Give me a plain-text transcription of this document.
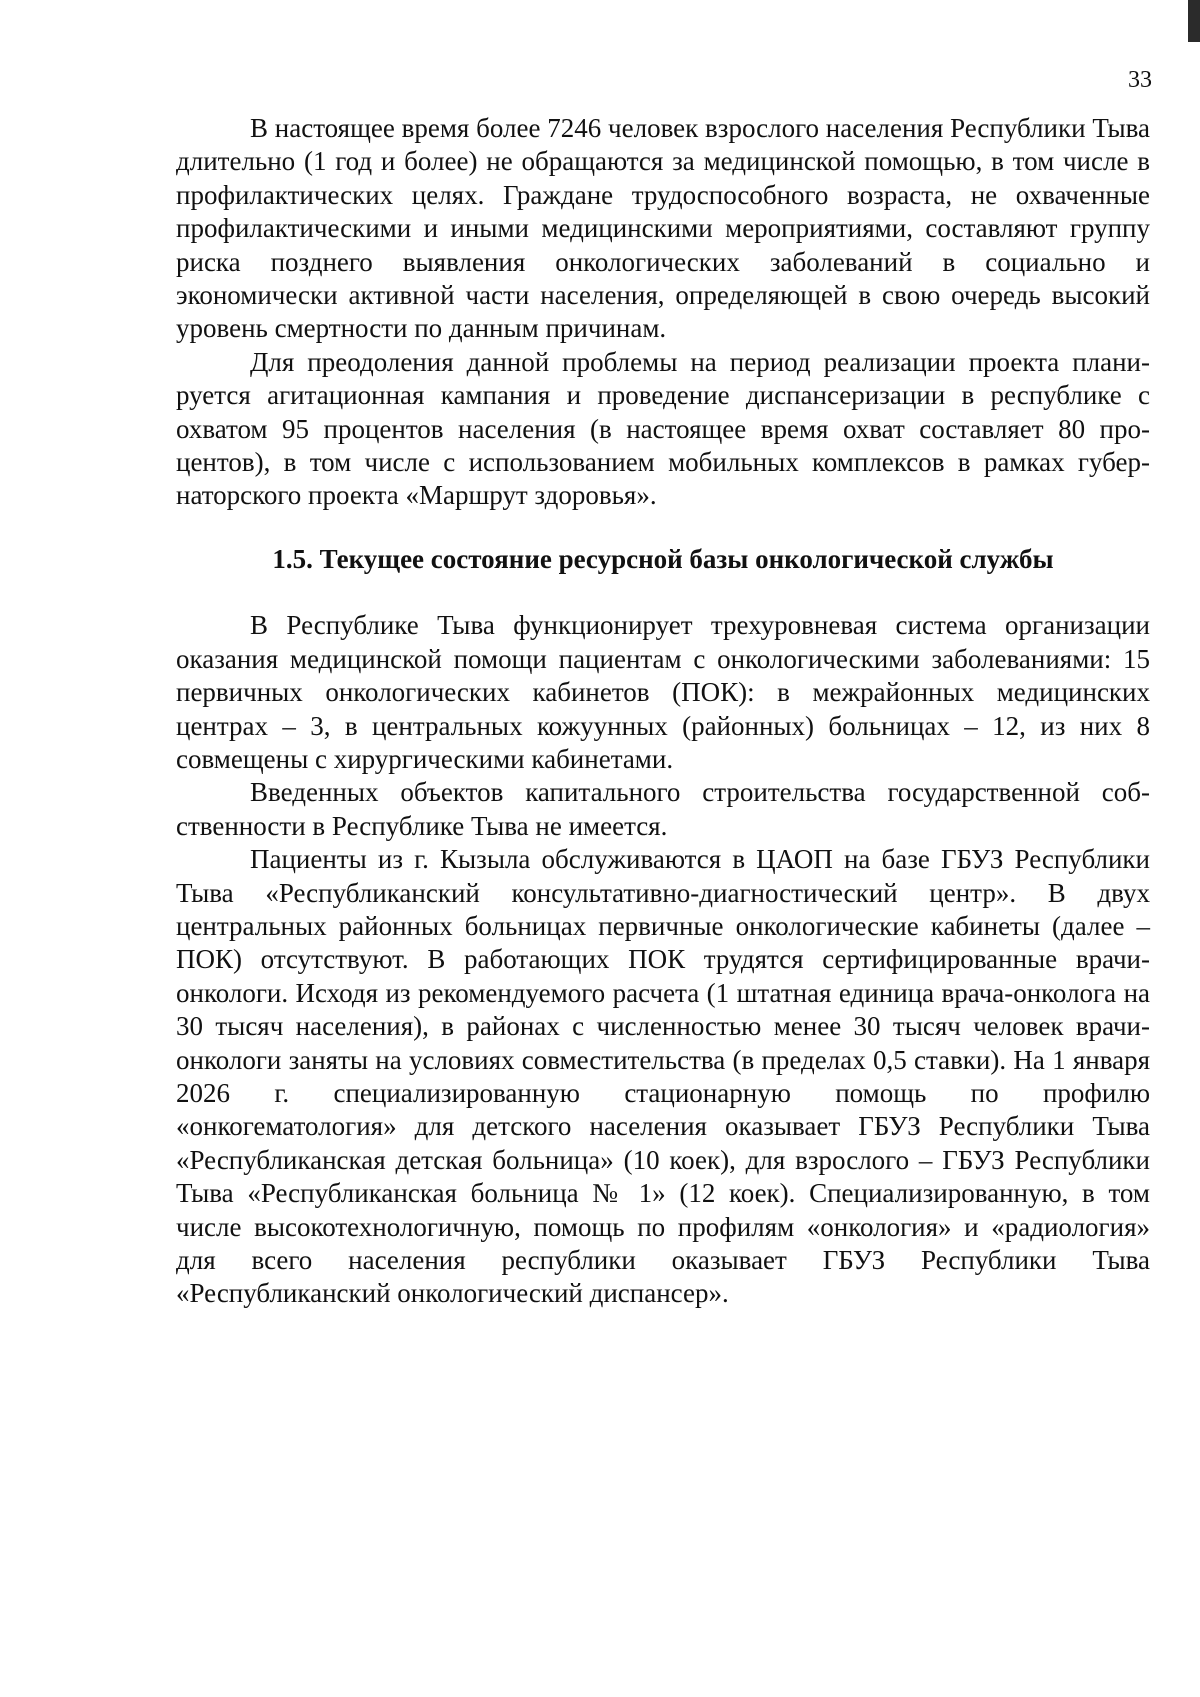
33

В настоящее время более 7246 человек взрослого населения Республики Тыва длительно (1 год и более) не обращаются за медицинской помощью, в том числе в профилактических целях. Граждане трудоспособного возраста, не охваченные профилактическими и иными медицинскими мероприятиями, составляют группу риска позднего выявления онкологических заболеваний в социально и экономически активной части населения, определяющей в свою очередь высокий уровень смертности по данным причинам.

Для преодоления данной проблемы на период реализации проекта планируется агитационная кампания и проведение диспансеризации в республике с охватом 95 процентов населения (в настоящее время охват составляет 80 процентов), в том числе с использованием мобильных комплексов в рамках губернаторского проекта «Маршрут здоровья».

1.5. Текущее состояние ресурсной базы онкологической службы

В Республике Тыва функционирует трехуровневая система организации оказания медицинской помощи пациентам с онкологическими заболеваниями: 15 первичных онкологических кабинетов (ПОК): в межрайонных медицинских центрах – 3, в центральных кожуунных (районных) больницах – 12, из них 8 совмещены с хирургическими кабинетами.

Введенных объектов капитального строительства государственной собственности в Республике Тыва не имеется.

Пациенты из г. Кызыла обслуживаются в ЦАОП на базе ГБУЗ Республики Тыва «Республиканский консультативно-диагностический центр». В двух центральных районных больницах первичные онкологические кабинеты (далее – ПОК) отсутствуют. В работающих ПОК трудятся сертифицированные врачи-онкологи. Исходя из рекомендуемого расчета (1 штатная единица врача-онколога на 30 тысяч населения), в районах с численностью менее 30 тысяч человек врачи-онкологи заняты на условиях совместительства (в пределах 0,5 ставки). На 1 января 2026 г. специализированную стационарную помощь по профилю «онкогематология» для детского населения оказывает ГБУЗ Республики Тыва «Республиканская детская больница» (10 коек), для взрослого – ГБУЗ Республики Тыва «Республиканская больница № 1» (12 коек). Специализированную, в том числе высокотехнологичную, помощь по профилям «онкология» и «радиология» для всего населения республики оказывает ГБУЗ Республики Тыва «Республиканский онкологический диспансер».
